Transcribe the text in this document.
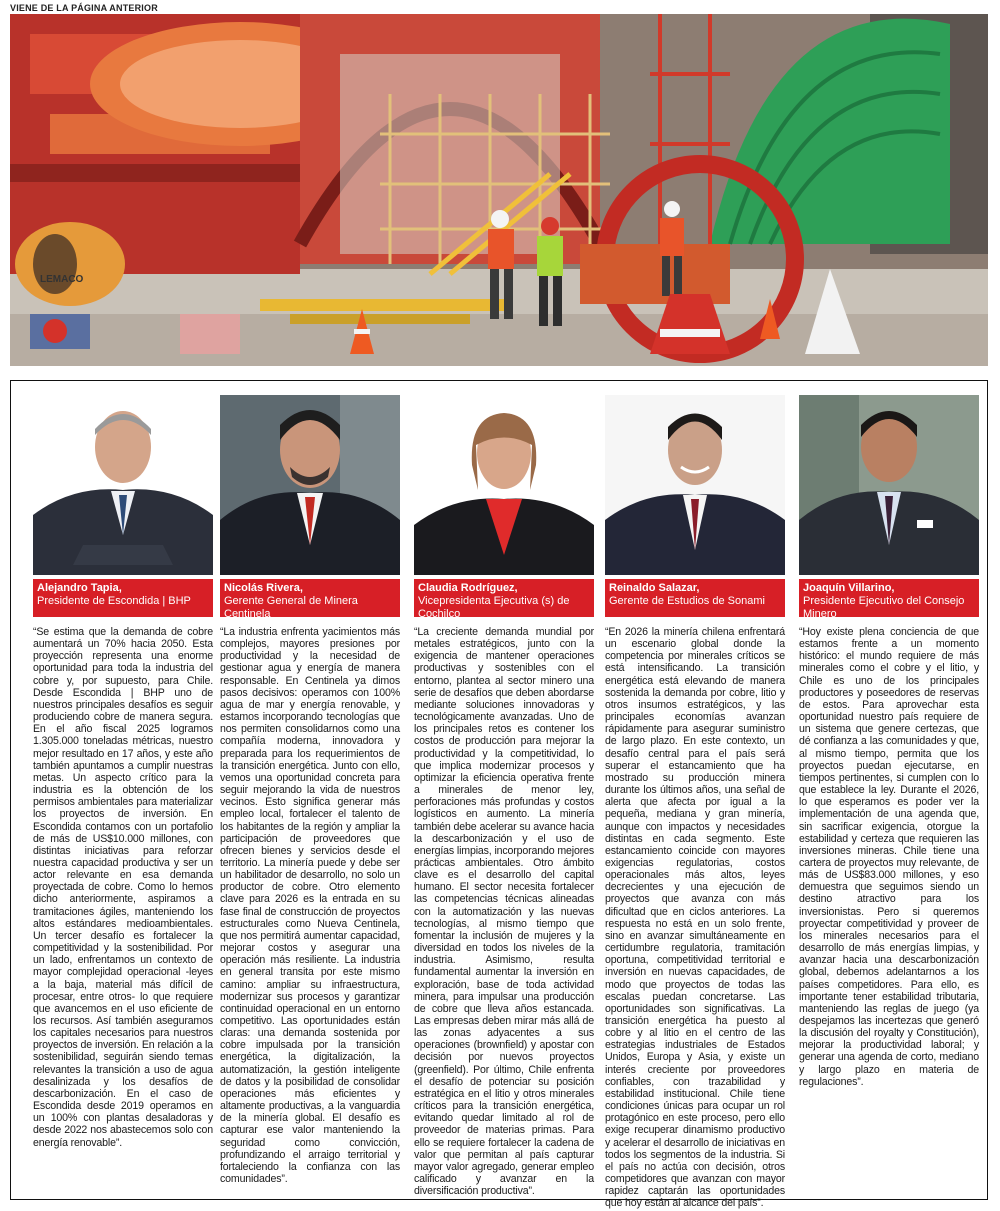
VIENE DE LA PÁGINA ANTERIOR
LEMACO
Alejandro Tapia,
Presidente de Escondida | BHP
“Se estima que la demanda de cobre aumentará un 70% hacia 2050. Esta proyección representa una enorme oportunidad para toda la industria del cobre y, por supuesto, para Chile. Desde Escondida | BHP uno de nuestros principales desafíos es seguir produciendo cobre de manera segura. En el año fiscal 2025 logramos 1.305.000 toneladas métricas, nuestro mejor resultado en 17 años, y este año también apuntamos a cumplir nuestras metas. Un aspecto crítico para la industria es la obtención de los permisos ambientales para materializar los proyectos de inversión. En Escondida contamos con un portafolio de más de US$10.000 millones, con distintas iniciativas para reforzar nuestra capacidad productiva y ser un actor relevante en esa demanda proyectada de cobre. Como lo hemos dicho anteriormente, aspiramos a tramitaciones ágiles, manteniendo los altos estándares medioambientales. Un tercer desafío es fortalecer la competitividad y la sostenibilidad. Por un lado, enfrentamos un contexto de mayor complejidad operacional -leyes a la baja, material más difícil de procesar, entre otros- lo que requiere que avancemos en el uso eficiente de los recursos. Así también aseguramos los capitales necesarios para nuestros proyectos de inversión. En relación a la sostenibilidad, seguirán siendo temas relevantes la transición a uso de agua desalinizada y los desafíos de descarbonización. En el caso de Escondida desde 2019 operamos en un 100% con plantas desaladoras y desde 2022 nos abastecemos solo con energía renovable”.
Nicolás Rivera,
Gerente General de Minera Centinela
“La industria enfrenta yacimientos más complejos, mayores presiones por productividad y la necesidad de gestionar agua y energía de manera responsable. En Centinela ya dimos pasos decisivos: operamos con 100% agua de mar y energía renovable, y estamos incorporando tecnologías que nos permiten consolidarnos como una compañía moderna, innovadora y preparada para los requerimientos de la transición energética. Junto con ello, vemos una oportunidad concreta para seguir mejorando la vida de nuestros vecinos. Esto significa generar más empleo local, fortalecer el talento de los habitantes de la región y ampliar la participación de proveedores que ofrecen bienes y servicios desde el territorio. La minería puede y debe ser un habilitador de desarrollo, no solo un productor de cobre. Otro elemento clave para 2026 es la entrada en su fase final de construcción de proyectos estructurales como Nueva Centinela, que nos permitirá aumentar capacidad, mejorar costos y asegurar una operación más resiliente. La industria en general transita por este mismo camino: ampliar su infraestructura, modernizar sus procesos y garantizar continuidad operacional en un entorno competitivo. Las oportunidades están claras: una demanda sostenida por cobre impulsada por la transición energética, la digitalización, la automatización, la gestión inteligente de datos y la posibilidad de consolidar operaciones más eficientes y altamente productivas, a la vanguardia de la minería global. El desafío es capturar ese valor manteniendo la seguridad como convicción, profundizando el arraigo territorial y fortaleciendo la confianza con las comunidades”.
Claudia Rodríguez,
Vicepresidenta Ejecutiva (s) de Cochilco
“La creciente demanda mundial por metales estratégicos, junto con la exigencia de mantener operaciones productivas y sostenibles con el entorno, plantea al sector minero una serie de desafíos que deben abordarse mediante soluciones innovadoras y tecnológicamente avanzadas. Uno de los principales retos es contener los costos de producción para mejorar la productividad y la competitividad, lo que implica modernizar procesos y optimizar la eficiencia operativa frente a minerales de menor ley, perforaciones más profundas y costos logísticos en aumento. La minería también debe acelerar su avance hacia la descarbonización y el uso de energías limpias, incorporando mejores prácticas ambientales. Otro ámbito clave es el desarrollo del capital humano. El sector necesita fortalecer las competencias técnicas alineadas con la automatización y las nuevas tecnologías, al mismo tiempo que fomentar la inclusión de mujeres y la diversidad en todos los niveles de la industria. Asimismo, resulta fundamental aumentar la inversión en exploración, base de toda actividad minera, para impulsar una producción de cobre que lleva años estancada. Las empresas deben mirar más allá de las zonas adyacentes a sus operaciones (brownfield) y apostar con decisión por nuevos proyectos (greenfield). Por último, Chile enfrenta el desafío de potenciar su posición estratégica en el litio y otros minerales críticos para la transición energética, evitando quedar limitado al rol de proveedor de materias primas. Para ello se requiere fortalecer la cadena de valor que permitan al país capturar mayor valor agregado, generar empleo calificado y avanzar en la diversificación productiva”.
Reinaldo Salazar,
Gerente de Estudios de Sonami
“En 2026 la minería chilena enfrentará un escenario global donde la competencia por minerales críticos se está intensificando. La transición energética está elevando de manera sostenida la demanda por cobre, litio y otros insumos estratégicos, y las principales economías avanzan rápidamente para asegurar suministro de largo plazo. En este contexto, un desafío central para el país será superar el estancamiento que ha mostrado su producción minera durante los últimos años, una señal de alerta que afecta por igual a la pequeña, mediana y gran minería, aunque con impactos y necesidades distintas en cada segmento. Este estancamiento coincide con mayores exigencias regulatorias, costos operacionales más altos, leyes decrecientes y una ejecución de proyectos que avanza con más dificultad que en ciclos anteriores. La respuesta no está en un solo frente, sino en avanzar simultáneamente en certidumbre regulatoria, tramitación oportuna, competitividad territorial e inversión en nuevas capacidades, de modo que proyectos de todas las escalas puedan concretarse. Las oportunidades son significativas. La transición energética ha puesto al cobre y al litio en el centro de las estrategias industriales de Estados Unidos, Europa y Asia, y existe un interés creciente por proveedores confiables, con trazabilidad y estabilidad institucional. Chile tiene condiciones únicas para ocupar un rol protagónico en este proceso, pero ello exige recuperar dinamismo productivo y acelerar el desarrollo de iniciativas en todos los segmentos de la industria. Si el país no actúa con decisión, otros competidores que avanzan con mayor rapidez captarán las oportunidades que hoy están al alcance del país”.
Joaquín Villarino,
Presidente Ejecutivo del Consejo Minero
“Hoy existe plena conciencia de que estamos frente a un momento histórico: el mundo requiere de más minerales como el cobre y el litio, y Chile es uno de los principales productores y poseedores de reservas de estos. Para aprovechar esta oportunidad nuestro país requiere de un sistema que genere certezas, que dé confianza a las comunidades y que, al mismo tiempo, permita que los proyectos puedan ejecutarse, en tiempos pertinentes, si cumplen con lo que establece la ley. Durante el 2026, lo que esperamos es poder ver la implementación de una agenda que, sin sacrificar exigencia, otorgue la estabilidad y certeza que requieren las inversiones mineras. Chile tiene una cartera de proyectos muy relevante, de más de US$83.000 millones, y eso demuestra que seguimos siendo un destino atractivo para los inversionistas. Pero si queremos proyectar competitividad y proveer de los minerales necesarios para el desarrollo de más energías limpias, y avanzar hacia una descarbonización global, debemos adelantarnos a los países competidores. Para ello, es importante tener estabilidad tributaria, manteniendo las reglas de juego (ya despejamos las incertezas que generó la discusión del royalty y Constitución), mejorar la productividad laboral; y generar una agenda de corto, mediano y largo plazo en materia de regulaciones”.
